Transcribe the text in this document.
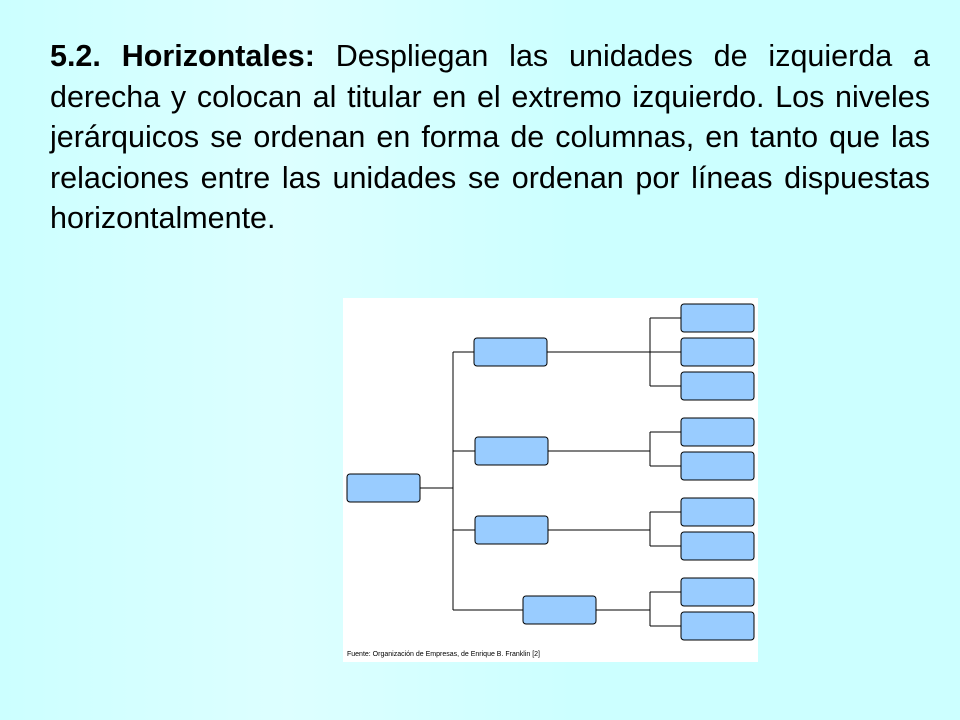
5.2. Horizontales: Despliegan las unidades de izquierda a derecha y colocan al titular en el extremo izquierdo. Los niveles jerárquicos se ordenan en forma de columnas, en tanto que las relaciones entre las unidades se ordenan por líneas dispuestas horizontalmente.
Fuente: Organización de Empresas, de Enrique B. Franklin [2]
